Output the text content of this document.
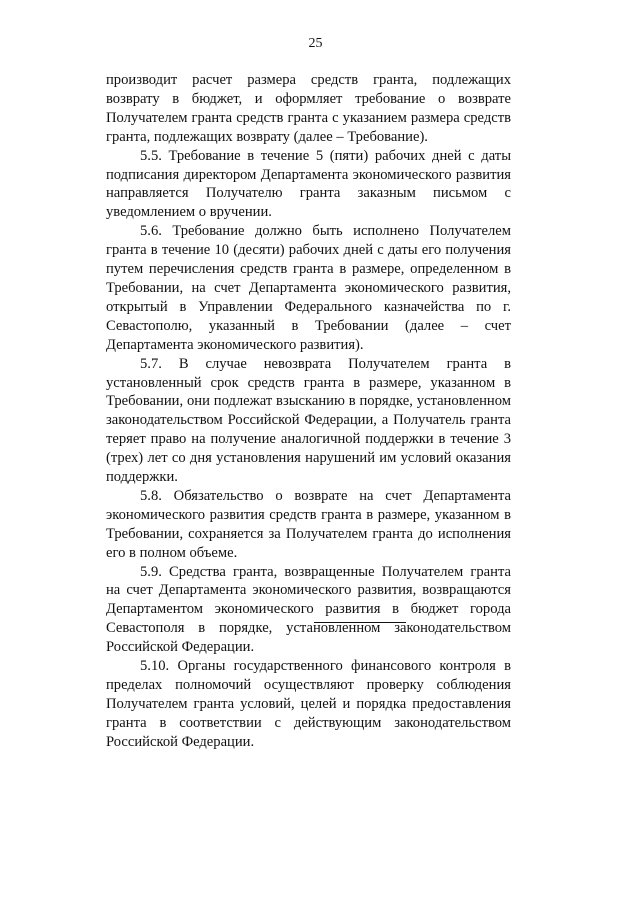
25

производит расчет размера средств гранта, подлежащих возврату в бюджет, и оформляет требование о возврате Получателем гранта средств гранта с указанием размера средств гранта, подлежащих возврату (далее – Требование).

5.5. Требование в течение 5 (пяти) рабочих дней с даты подписания директором Департамента экономического развития направляется Получателю гранта заказным письмом с уведомлением о вручении.

5.6. Требование должно быть исполнено Получателем гранта в течение 10 (десяти) рабочих дней с даты его получения путем перечисления средств гранта в размере, определенном в Требовании, на счет Департамента экономического развития, открытый в Управлении Федерального казначейства по г. Севастополю, указанный в Требовании (далее – счет Департамента экономического развития).

5.7. В случае невозврата Получателем гранта в установленный срок средств гранта в размере, указанном в Требовании, они подлежат взысканию в порядке, установленном законодательством Российской Федерации, а Получатель гранта теряет право на получение аналогичной поддержки в течение 3 (трех) лет со дня установления нарушений им условий оказания поддержки.

5.8. Обязательство о возврате на счет Департамента экономического развития средств гранта в размере, указанном в Требовании, сохраняется за Получателем гранта до исполнения его в полном объеме.

5.9. Средства гранта, возвращенные Получателем гранта на счет Департамента экономического развития, возвращаются Департаментом экономического развития в бюджет города Севастополя в порядке, установленном законодательством Российской Федерации.

5.10. Органы государственного финансового контроля в пределах полномочий осуществляют проверку соблюдения Получателем гранта условий, целей и порядка предоставления гранта в соответствии с действующим законодательством Российской Федерации.
